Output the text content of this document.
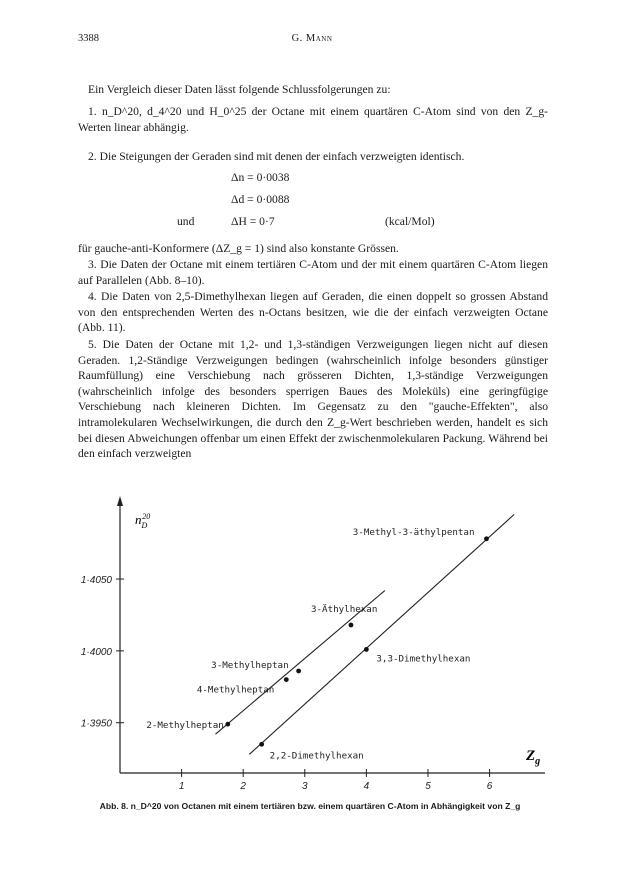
3388	G. Mann

Ein Vergleich dieser Daten lässt folgende Schlussfolgerungen zu:

1. n_D^20, d_4^20 und H_0^25 der Octane mit einem quartären C-Atom sind von den Z_g-Werten linear abhängig.

2. Die Steigungen der Geraden sind mit denen der einfach verzweigten identisch.

Δn = 0·0038
Δd = 0·0088
und	ΔH = 0·7	(kcal/Mol)

für gauche-anti-Konformere (ΔZ_g = 1) sind also konstante Grössen.

3. Die Daten der Octane mit einem tertiären C-Atom und der mit einem quartären C-Atom liegen auf Parallelen (Abb. 8–10).

4. Die Daten von 2,5-Dimethylhexan liegen auf Geraden, die einen doppelt so grossen Abstand von den entsprechenden Werten des n-Octans besitzen, wie die der einfach verzweigten Octane (Abb. 11).

5. Die Daten der Octane mit 1,2- und 1,3-ständigen Verzweigungen liegen nicht auf diesen Geraden. 1,2-Ständige Verzweigungen bedingen (wahrscheinlich infolge besonders günstiger Raumfüllung) eine Verschiebung nach grösseren Dichten, 1,3-ständige Verzweigungen (wahrscheinlich infolge des besonders sperrigen Baues des Moleküls) eine geringfügige Verschiebung nach kleineren Dichten. Im Gegensatz zu den "gauche-Effekten", also intramolekularen Wechselwirkungen, die durch den Z_g-Wert beschrieben werden, handelt es sich bei diesen Abweichungen offenbar um einen Effekt der zwischenmolekularen Packung. Während bei den einfach verzweigten

1	2	3	4	5	6
1·3950
1·4000
1·4050
2-Methylheptan
4-Methylheptan
3-Methylheptan
3-Äthylhexan
2,2-Dimethylhexan
3,3-Dimethylhexan
3-Methyl-3-äthylpentan
$n_D20$
$Z_g$
Abb. 8. n_D^20 von Octanen mit einem tertiären bzw. einem quartären C-Atom in Abhängigkeit von Z_g
